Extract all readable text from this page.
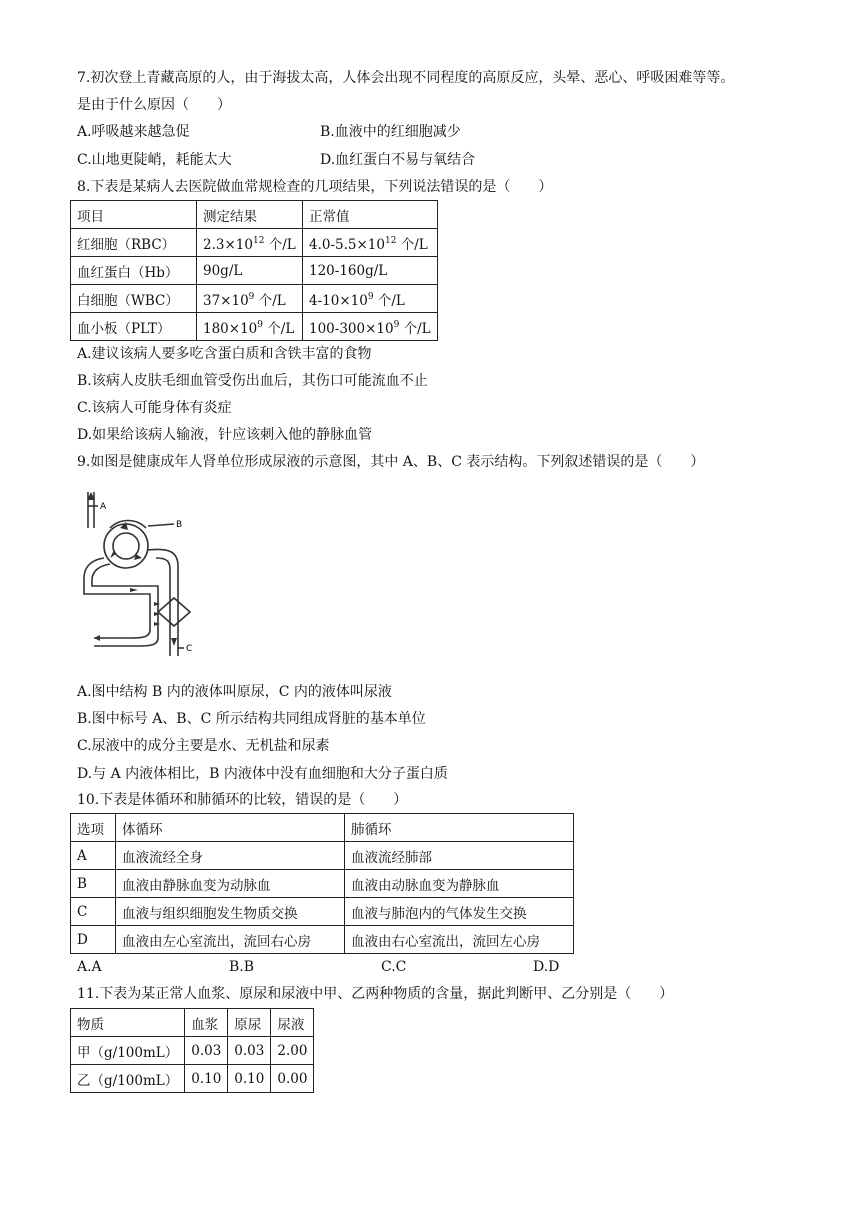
7.初次登上青藏高原的人，由于海拔太高，人体会出现不同程度的高原反应，头晕、恶心、呼吸困难等等。
是由于什么原因（　　）
A.呼吸越来越急促	B.血液中的红细胞减少
C.山地更陡峭，耗能太大	D.血红蛋白不易与氧结合
8.下表是某病人去医院做血常规检查的几项结果，下列说法错误的是（　　）
项目	测定结果	正常值
红细胞（RBC）	$2.3\times 10^{12}$ 个/L	$4.0-5.5\times 10^{12}$ 个/L
血红蛋白（Hb）	90g/L	120-160g/L
白细胞（WBC）	$37\times 10^9$ 个/L	$4-10\times 10^9$ 个/L
血小板（PLT）	$180\times 10^9$ 个/L	$100-300\times 10^9$ 个/L
A.建议该病人要多吃含蛋白质和含铁丰富的食物
B.该病人皮肤毛细血管受伤出血后，其伤口可能流血不止
C.该病人可能身体有炎症
D.如果给该病人输液，针应该刺入他的静脉血管
9.如图是健康成年人肾单位形成尿液的示意图，其中 A、B、C 表示结构。下列叙述错误的是（　　）
A
B
C
A.图中结构 B 内的液体叫原尿，C 内的液体叫尿液
B.图中标号 A、B、C 所示结构共同组成肾脏的基本单位
C.尿液中的成分主要是水、无机盐和尿素
D.与 A 内液体相比，B 内液体中没有血细胞和大分子蛋白质
10.下表是体循环和肺循环的比较，错误的是（　　）
选项	体循环	肺循环
A	血液流经全身	血液流经肺部
B	血液由静脉血变为动脉血	血液由动脉血变为静脉血
C	血液与组织细胞发生物质交换	血液与肺泡内的气体发生交换
D	血液由左心室流出，流回右心房	血液由右心室流出，流回左心房
A.A	B.B	C.C	D.D
11.下表为某正常人血浆、原尿和尿液中甲、乙两种物质的含量，据此判断甲、乙分别是（　　）
物质	血浆	原尿	尿液
甲（g/100mL）	0.03	0.03	2.00
乙（g/100mL）	0.10	0.10	0.00
